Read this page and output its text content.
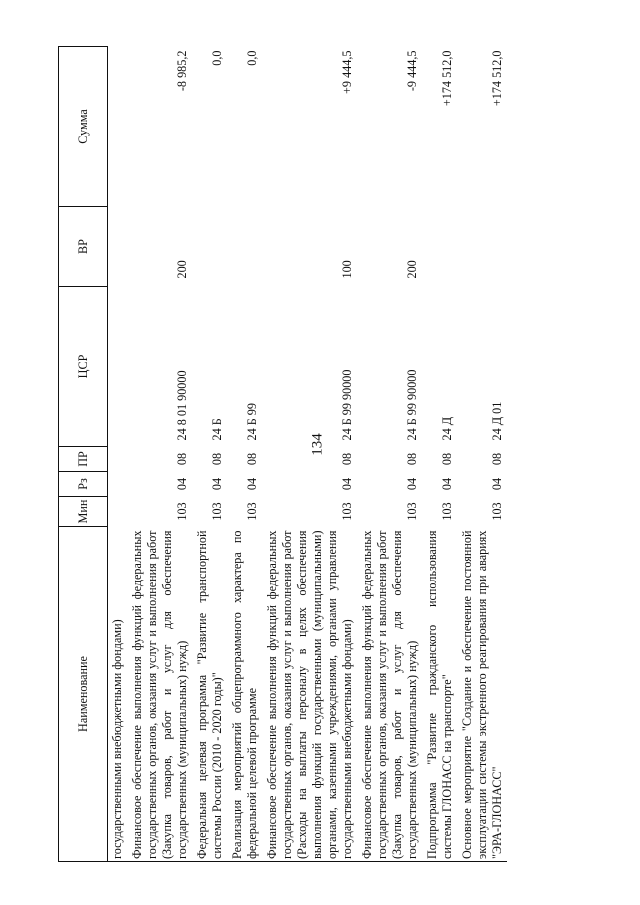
134
Наименование	Мин	Рз	ПР	ЦСР	ВР	Сумма
государственными внебюджетными фондами)						
Финансовое обеспечение выполнения функций федеральных государственных органов, оказания услуг и выполнения работ (Закупка товаров, работ и услуг для обеспечения государственных (муниципальных) нужд)	103	04	08	24 8 01 90000	200	-8 985,2
Федеральная целевая программа "Развитие транспортной системы России (2010 - 2020 годы)"	103	04	08	24 Б		0,0
Реализация мероприятий общепрограммного характера по федеральной целевой программе	103	04	08	24 Б 99		0,0
Финансовое обеспечение выполнения функций федеральных государственных органов, оказания услуг и выполнения работ (Расходы на выплаты персоналу в целях обеспечения выполнения функций государственными (муниципальными) органами, казенными учреждениями, органами управления государственными внебюджетными фондами)	103	04	08	24 Б 99 90000	100	+9 444,5
Финансовое обеспечение выполнения функций федеральных государственных органов, оказания услуг и выполнения работ (Закупка товаров, работ и услуг для обеспечения государственных (муниципальных) нужд)	103	04	08	24 Б 99 90000	200	-9 444,5
Подпрограмма "Развитие гражданского использования системы ГЛОНАСС на транспорте"	103	04	08	24 Д		+174 512,0
Основное мероприятие "Создание и обеспечение постоянной эксплуатации системы экстренного реагирования при авариях "ЭРА-ГЛОНАСС"	103	04	08	24 Д 01		+174 512,0
